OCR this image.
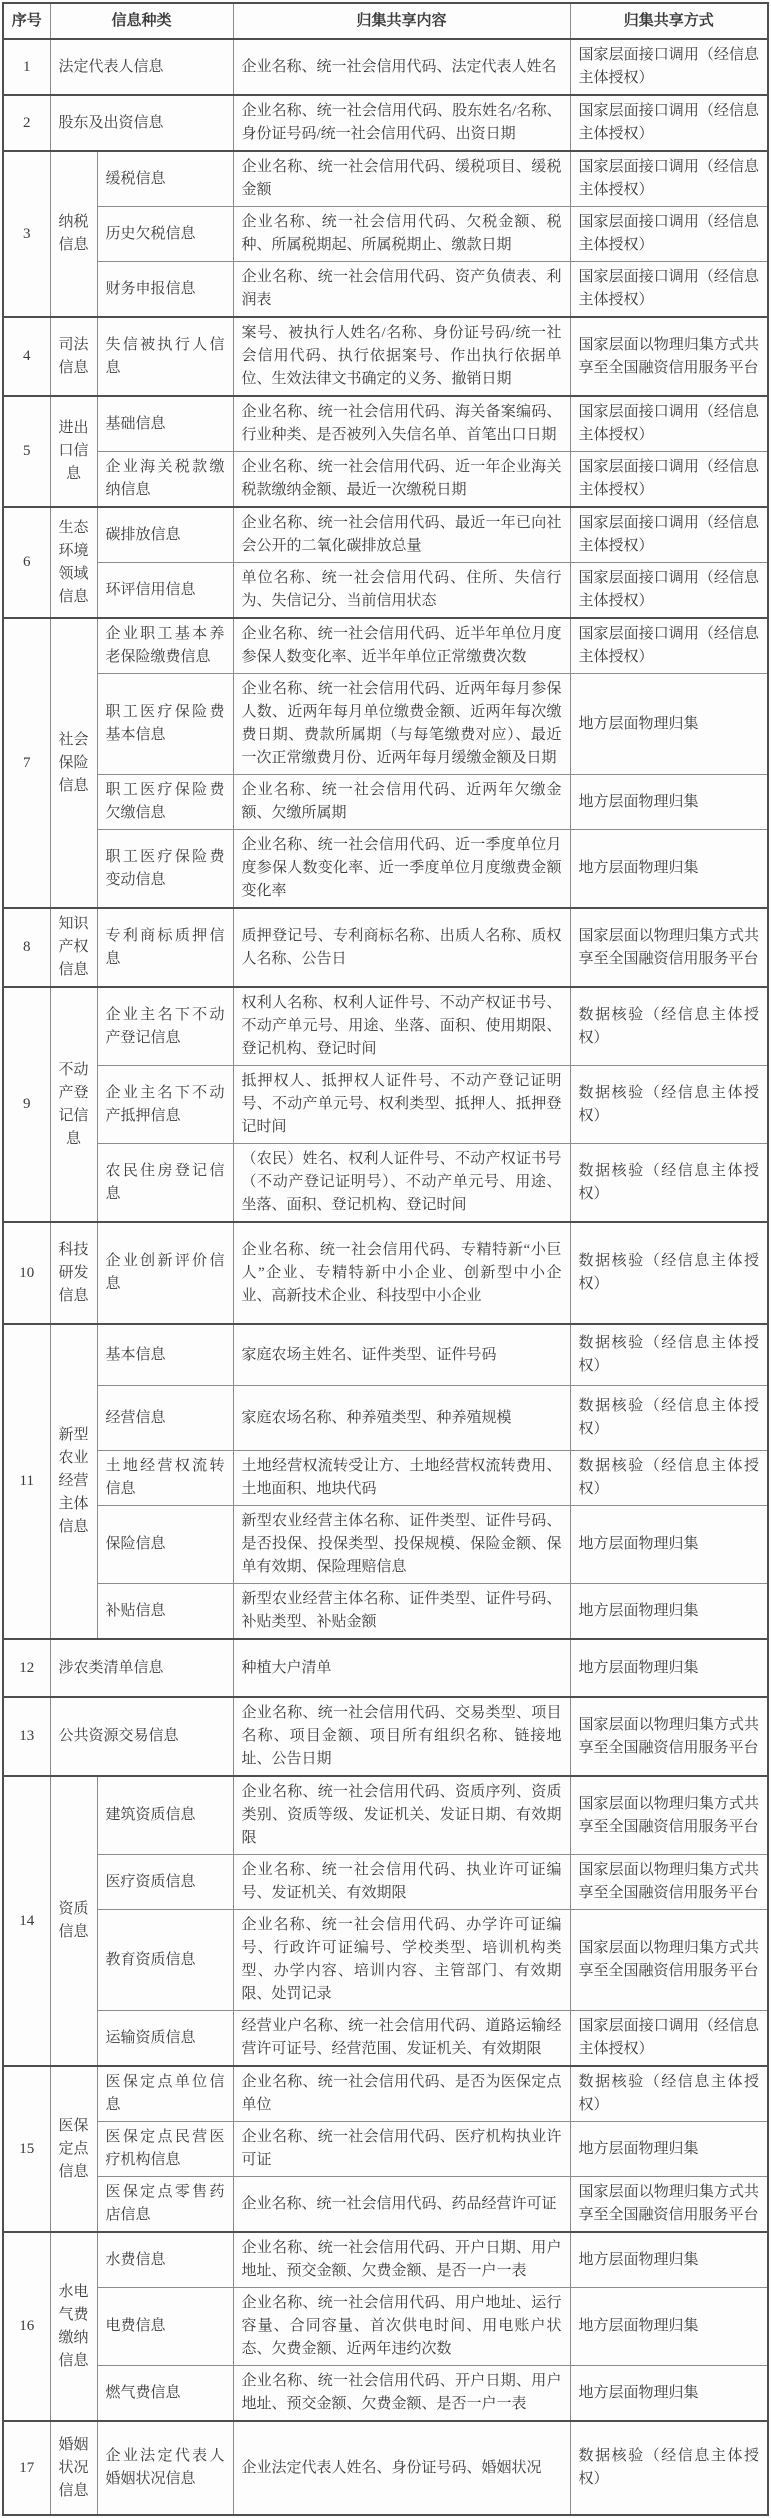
序号	信息种类		归集共享内容	归集共享方式
1	法定代表人信息		企业名称、统一社会信用代码、法定代表人姓名	国家层面接口调用（经信息主体授权）
2	股东及出资信息		企业名称、统一社会信用代码、股东姓名/名称、身份证号码/统一社会信用代码、出资日期	国家层面接口调用（经信息主体授权）
3	纳税信息	缓税信息	企业名称、统一社会信用代码、缓税项目、缓税金额	国家层面接口调用（经信息主体授权）
		历史欠税信息	企业名称、统一社会信用代码、欠税金额、税种、所属税期起、所属税期止、缴款日期	国家层面接口调用（经信息主体授权）
		财务申报信息	企业名称、统一社会信用代码、资产负债表、利润表	国家层面接口调用（经信息主体授权）
4	司法信息	失信被执行人信息	案号、被执行人姓名/名称、身份证号码/统一社会信用代码、执行依据案号、作出执行依据单位、生效法律文书确定的义务、撤销日期	国家层面以物理归集方式共享至全国融资信用服务平台
5	进出口信息	基础信息	企业名称、统一社会信用代码、海关备案编码、行业种类、是否被列入失信名单、首笔出口日期	国家层面接口调用（经信息主体授权）
		企业海关税款缴纳信息	企业名称、统一社会信用代码、近一年企业海关税款缴纳金额、最近一次缴税日期	国家层面接口调用（经信息主体授权）
6	生态环境领域信息	碳排放信息	企业名称、统一社会信用代码、最近一年已向社会公开的二氧化碳排放总量	国家层面接口调用（经信息主体授权）
		环评信用信息	单位名称、统一社会信用代码、住所、失信行为、失信记分、当前信用状态	国家层面接口调用（经信息主体授权）
7	社会保险信息	企业职工基本养老保险缴费信息	企业名称、统一社会信用代码、近半年单位月度参保人数变化率、近半年单位正常缴费次数	国家层面接口调用（经信息主体授权）
		职工医疗保险费基本信息	企业名称、统一社会信用代码、近两年每月参保人数、近两年每月单位缴费金额、近两年每次缴费日期、费款所属期（与每笔缴费对应）、最近一次正常缴费月份、近两年每月缓缴金额及日期	地方层面物理归集
		职工医疗保险费欠缴信息	企业名称、统一社会信用代码、近两年欠缴金额、欠缴所属期	地方层面物理归集
		职工医疗保险费变动信息	企业名称、统一社会信用代码、近一季度单位月度参保人数变化率、近一季度单位月度缴费金额变化率	地方层面物理归集
8	知识产权信息	专利商标质押信息	质押登记号、专利商标名称、出质人名称、质权人名称、公告日	国家层面以物理归集方式共享至全国融资信用服务平台
9	不动产登记信息	企业主名下不动产登记信息	权利人名称、权利人证件号、不动产权证书号、不动产单元号、用途、坐落、面积、使用期限、登记机构、登记时间	数据核验（经信息主体授权）
		企业主名下不动产抵押信息	抵押权人、抵押权人证件号、不动产登记证明号、不动产单元号、权利类型、抵押人、抵押登记时间	数据核验（经信息主体授权）
		农民住房登记信息	（农民）姓名、权利人证件号、不动产权证书号（不动产登记证明号）、不动产单元号、用途、坐落、面积、登记机构、登记时间	数据核验（经信息主体授权）
10	科技研发信息	企业创新评价信息	企业名称、统一社会信用代码、专精特新“小巨人”企业、专精特新中小企业、创新型中小企业、高新技术企业、科技型中小企业	数据核验（经信息主体授权）
11	新型农业经营主体信息	基本信息	家庭农场主姓名、证件类型、证件号码	数据核验（经信息主体授权）
		经营信息	家庭农场名称、种养殖类型、种养殖规模	数据核验（经信息主体授权）
		土地经营权流转信息	土地经营权流转受让方、土地经营权流转费用、土地面积、地块代码	数据核验（经信息主体授权）
		保险信息	新型农业经营主体名称、证件类型、证件号码、是否投保、投保类型、投保规模、保险金额、保单有效期、保险理赔信息	地方层面物理归集
		补贴信息	新型农业经营主体名称、证件类型、证件号码、补贴类型、补贴金额	地方层面物理归集
12	涉农类清单信息		种植大户清单	地方层面物理归集
13	公共资源交易信息		企业名称、统一社会信用代码、交易类型、项目名称、项目金额、项目所有组织名称、链接地址、公告日期	国家层面以物理归集方式共享至全国融资信用服务平台
14	资质信息	建筑资质信息	企业名称、统一社会信用代码、资质序列、资质类别、资质等级、发证机关、发证日期、有效期限	国家层面以物理归集方式共享至全国融资信用服务平台
		医疗资质信息	企业名称、统一社会信用代码、执业许可证编号、发证机关、有效期限	国家层面以物理归集方式共享至全国融资信用服务平台
		教育资质信息	企业名称、统一社会信用代码、办学许可证编号、行政许可证编号、学校类型、培训机构类型、办学内容、培训内容、主管部门、有效期限、处罚记录	国家层面以物理归集方式共享至全国融资信用服务平台
		运输资质信息	经营业户名称、统一社会信用代码、道路运输经营许可证号、经营范围、发证机关、有效期限	国家层面接口调用（经信息主体授权）
15	医保定点信息	医保定点单位信息	企业名称、统一社会信用代码、是否为医保定点单位	数据核验（经信息主体授权）
		医保定点民营医疗机构信息	企业名称、统一社会信用代码、医疗机构执业许可证	地方层面物理归集
		医保定点零售药店信息	企业名称、统一社会信用代码、药品经营许可证	国家层面以物理归集方式共享至全国融资信用服务平台
16	水电气费缴纳信息	水费信息	企业名称、统一社会信用代码、开户日期、用户地址、预交金额、欠费金额、是否一户一表	地方层面物理归集
		电费信息	企业名称、统一社会信用代码、用户地址、运行容量、合同容量、首次供电时间、用电账户状态、欠费金额、近两年违约次数	地方层面物理归集
		燃气费信息	企业名称、统一社会信用代码、开户日期、用户地址、预交金额、欠费金额、是否一户一表	地方层面物理归集
17	婚姻状况信息	企业法定代表人婚姻状况信息	企业法定代表人姓名、身份证号码、婚姻状况	数据核验（经信息主体授权）
